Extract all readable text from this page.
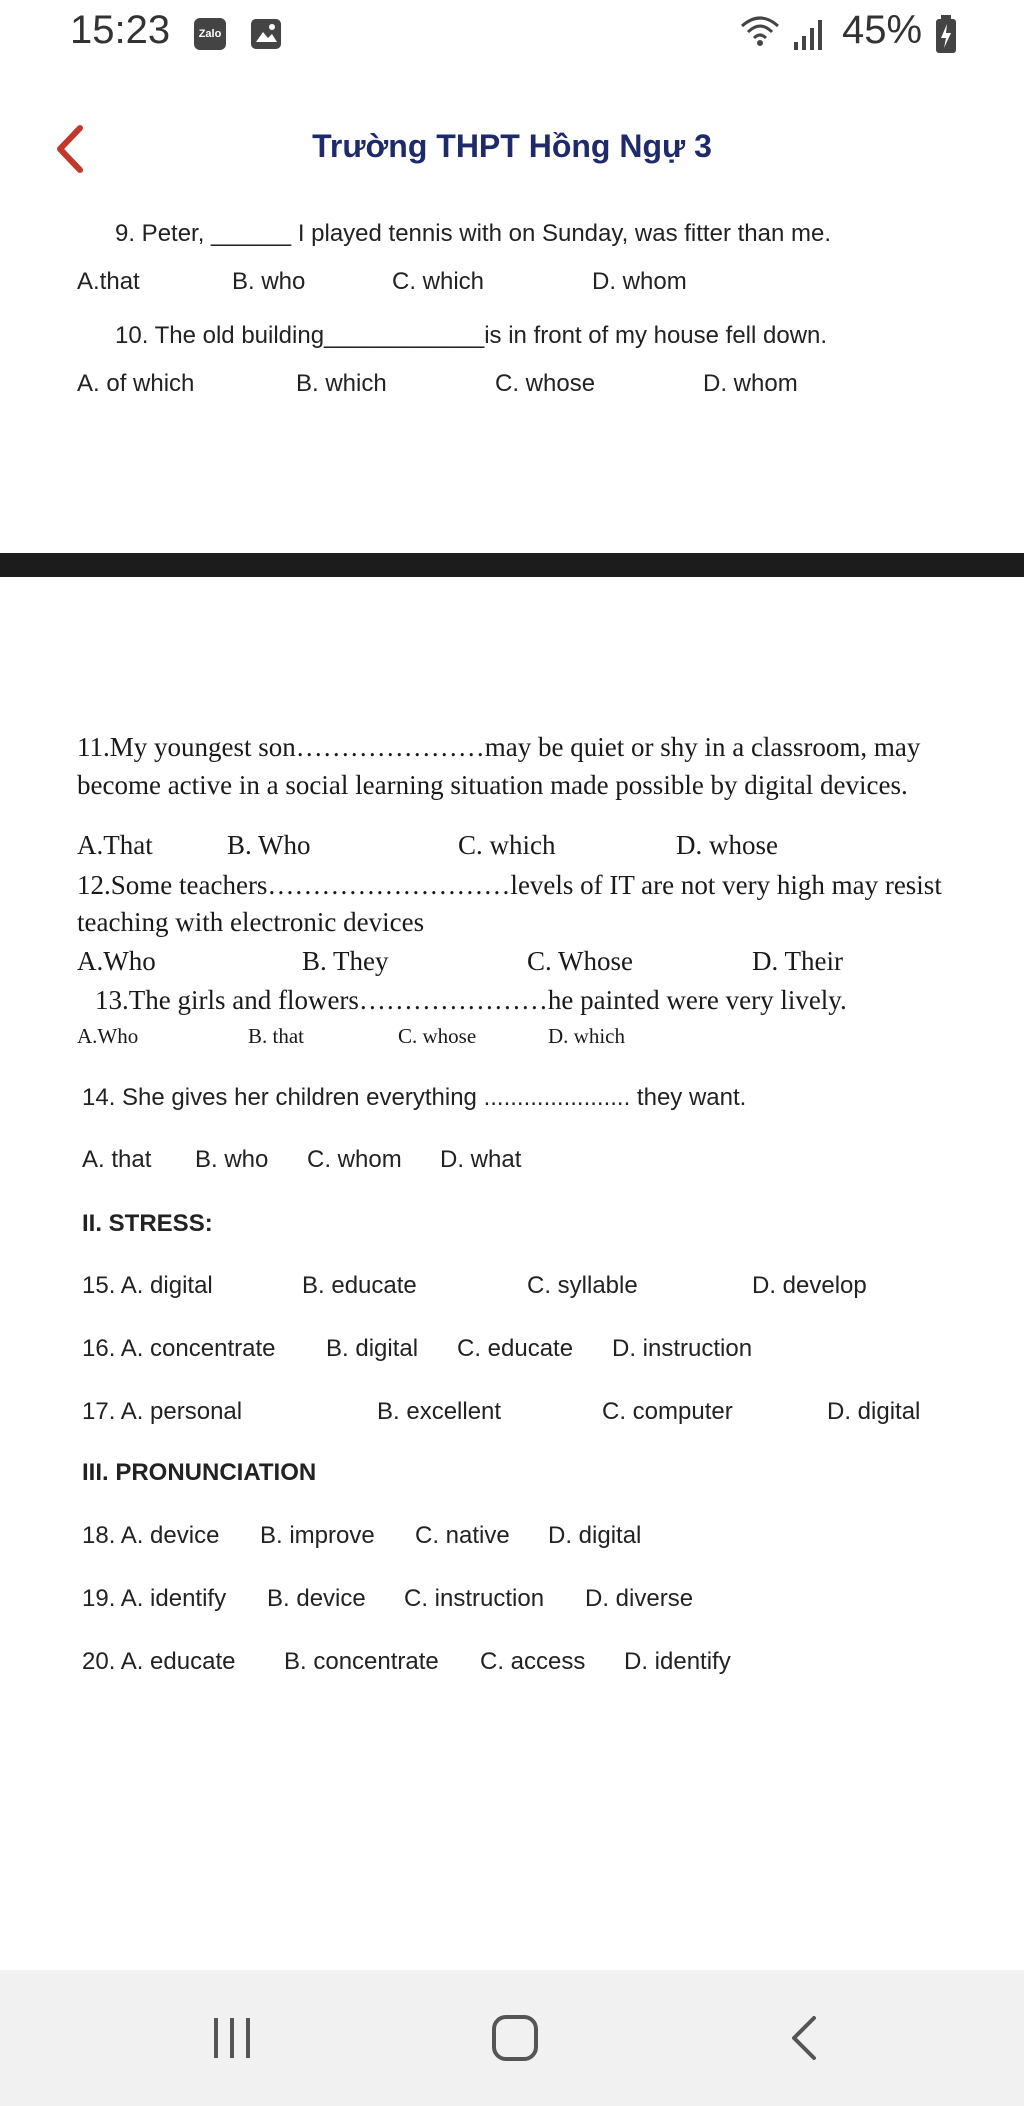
15:23	Zalo	45%
Trường THPT Hồng Ngự 3
9. Peter, ______ I played tennis with on Sunday, was fitter than me.
A.that	B. who	C. which	D. whom
10. The old building____________is in front of my house fell down.
A. of which	B. which	C. whose	D. whom
11.My youngest son…………………may be quiet or shy in a classroom, may
become active in a social learning situation made possible by digital devices.
A.That	B. Who	C. which	D. whose
12.Some teachers………………………levels of IT are not very high may resist
teaching with electronic devices
A.Who	B. They	C. Whose	D. Their
13.The girls and flowers…………………he painted were very lively.
A.Who	B. that	C. whose	D. which
14. She gives her children everything ...................... they want.
A. that B. who C. whom D. what
II. STRESS:
15. A. digital	B. educate	C. syllable	D. develop
16. A. concentrate B. digital C. educate D. instruction
17. A. personal	B. excellent	C. computer	D. digital
III. PRONUNCIATION
18. A. device B. improve C. native D. digital
19. A. identify B. device C. instruction D. diverse
20. A. educate B. concentrate C. access D. identify
